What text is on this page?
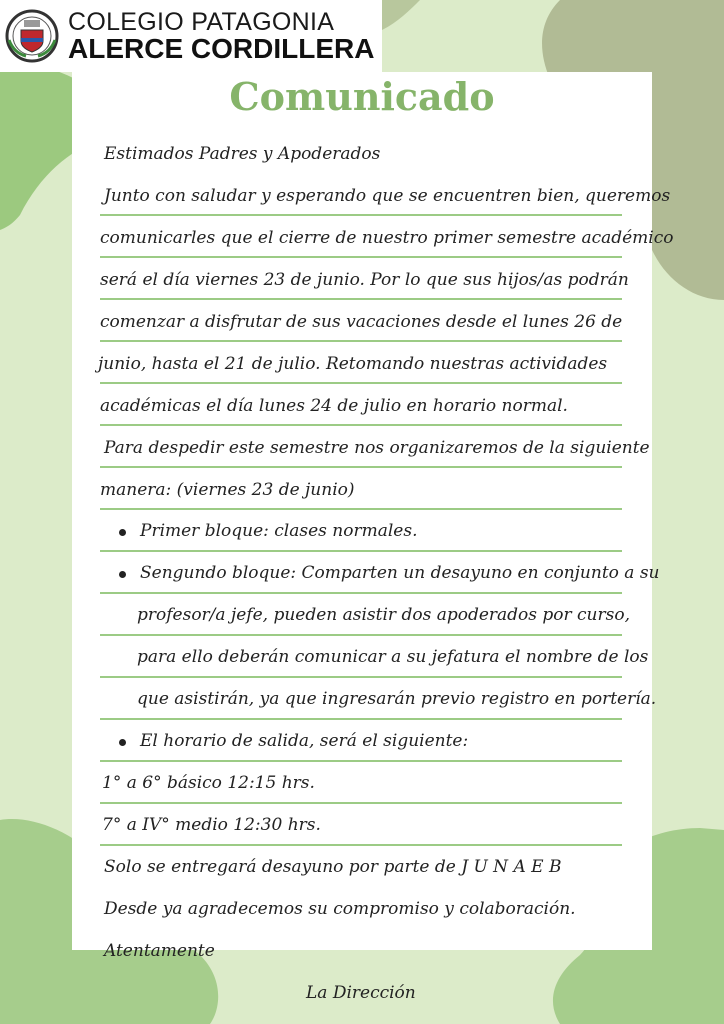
COLEGIO PATAGONIA
ALERCE CORDILLERA
Comunicado
Estimados Padres y Apoderados
Junto con saludar y esperando que se encuentren bien, queremos
comunicarles que el cierre de nuestro primer semestre académico
será el día viernes 23 de junio. Por lo que sus hijos/as podrán
comenzar a disfrutar de sus vacaciones desde el lunes 26 de
junio, hasta el 21 de julio. Retomando nuestras actividades
académicas el día lunes 24 de julio en horario normal.
Para despedir este semestre nos organizaremos de la siguiente
manera: (viernes 23 de junio)
Primer bloque: clases normales.
Sengundo bloque: Comparten un desayuno en conjunto a su
profesor/a jefe, pueden asistir dos apoderados por curso,
para ello deberán comunicar a su jefatura el nombre de los
que asistirán, ya que ingresarán previo registro en portería.
El horario de salida, será el siguiente:
1° a 6° básico 12:15 hrs.
7° a IV° medio 12:30 hrs.
Solo se entregará desayuno por parte de J U N A E B
Desde ya agradecemos su compromiso y colaboración.
Atentamente
La Dirección
